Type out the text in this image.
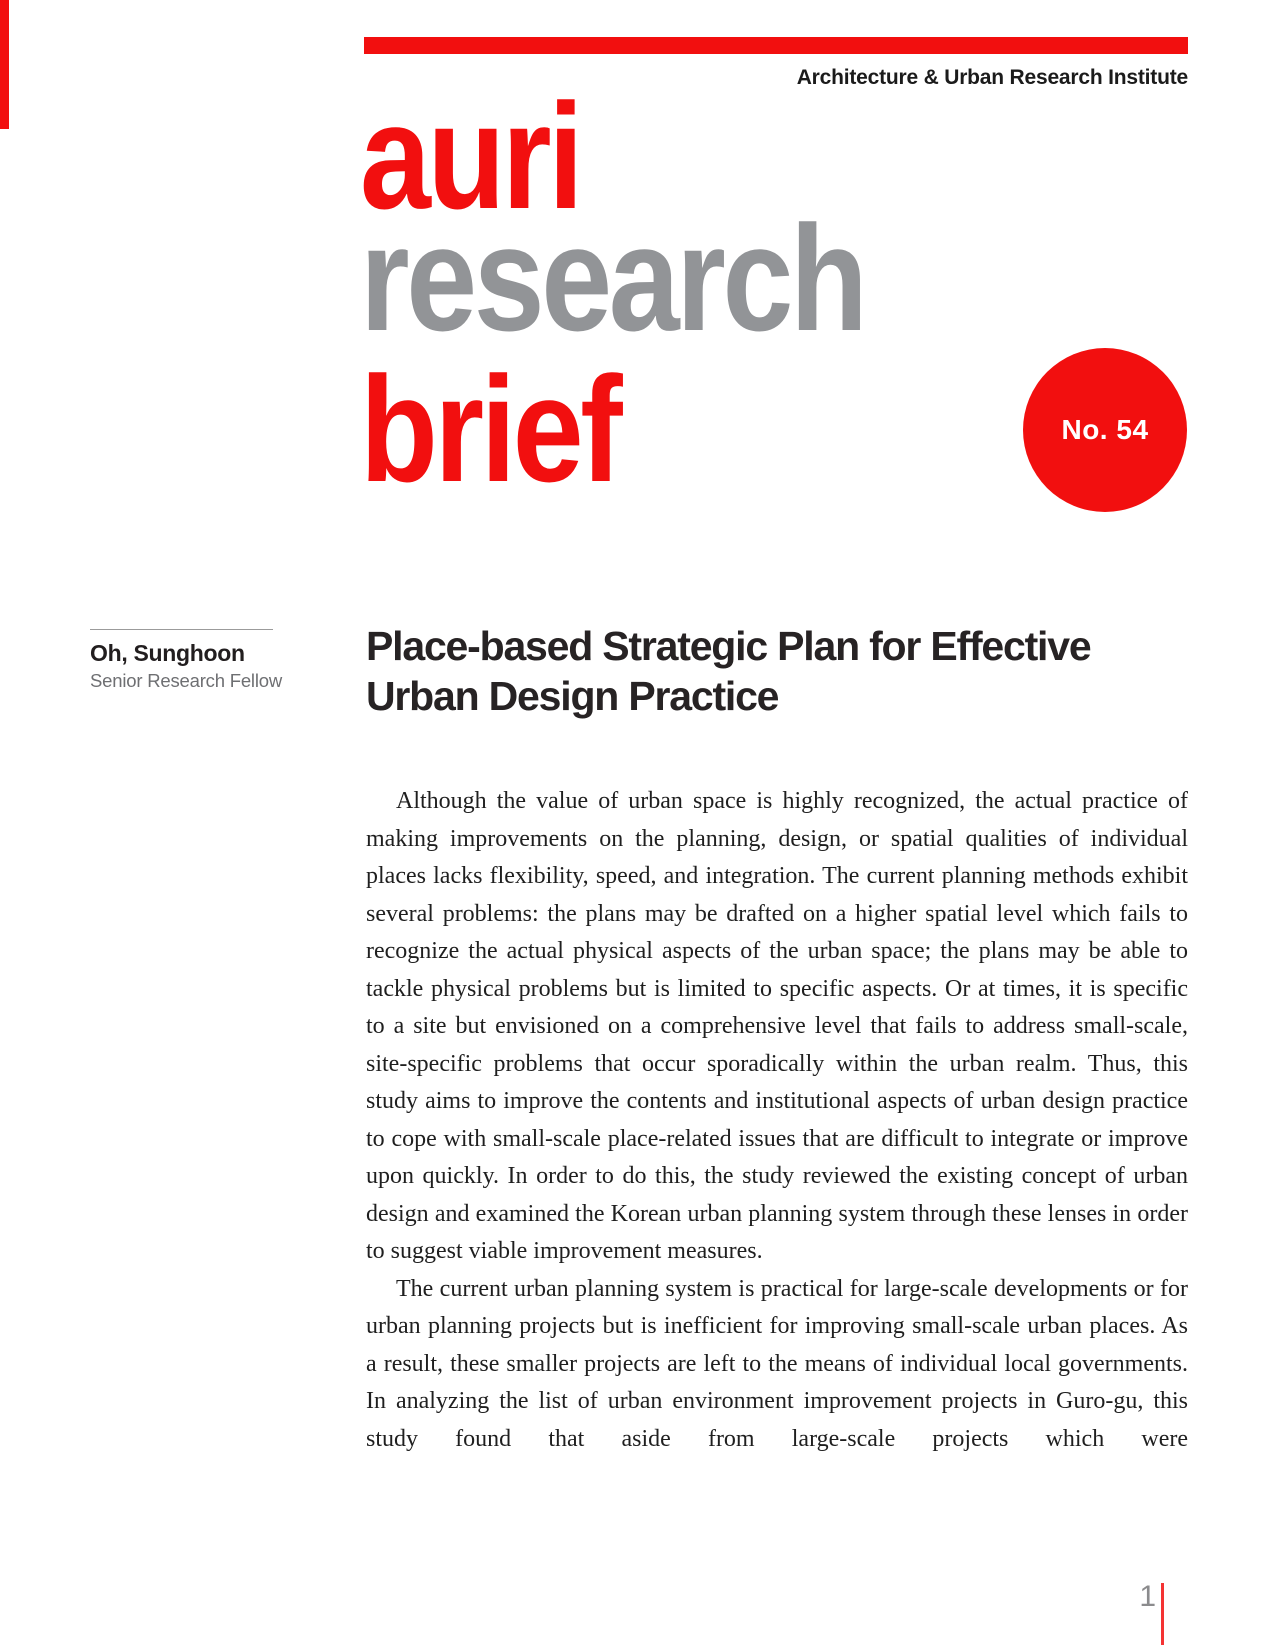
Architecture & Urban Research Institute
auri
research
brief	No. 54
Oh, Sunghoon
Senior Research Fellow
Place-based Strategic Plan for Effective
Urban Design Practice

Although the value of urban space is highly recognized, the actual practice of making improvements on the planning, design, or spatial qualities of individual places lacks flexibility, speed, and integration. The current planning methods exhibit several problems: the plans may be drafted on a higher spatial level which fails to recognize the actual physical aspects of the urban space; the plans may be able to tackle physical problems but is limited to specific aspects. Or at times, it is specific to a site but envisioned on a comprehensive level that fails to address small-scale, site-specific problems that occur sporadically within the urban realm. Thus, this study aims to improve the contents and institutional aspects of urban design practice to cope with small-scale place-related issues that are difficult to integrate or improve upon quickly. In order to do this, the study reviewed the existing concept of urban design and examined the Korean urban planning system through these lenses in order to suggest viable improvement measures.

The current urban planning system is practical for large-scale developments or for urban planning projects but is inefficient for improving small-scale urban places. As a result, these smaller projects are left to the means of individual local governments. In analyzing the list of urban environment improvement projects in Guro-gu, this study found that aside from large-scale projects which were

1
